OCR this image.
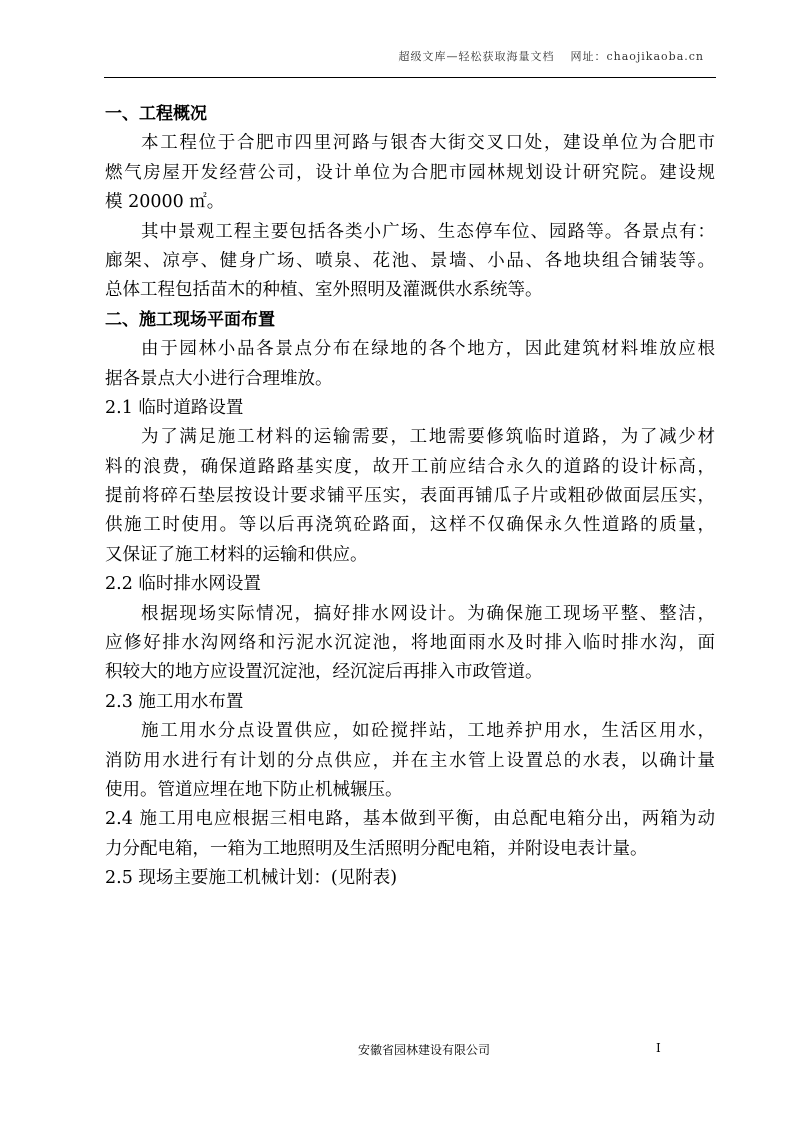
超级文库—轻松获取海量文档 网址：chaojikaoba.cn
一、工程概况
本工程位于合肥市四里河路与银杏大街交叉口处，建设单位为合肥市
燃气房屋开发经营公司，设计单位为合肥市园林规划设计研究院。建设规
模 20000 ㎡。
其中景观工程主要包括各类小广场、生态停车位、园路等。各景点有：
廊架、凉亭、健身广场、喷泉、花池、景墙、小品、各地块组合铺装等。
总体工程包括苗木的种植、室外照明及灌溉供水系统等。
二、施工现场平面布置
由于园林小品各景点分布在绿地的各个地方，因此建筑材料堆放应根
据各景点大小进行合理堆放。
2.1 临时道路设置
为了满足施工材料的运输需要，工地需要修筑临时道路，为了减少材
料的浪费，确保道路路基实度，故开工前应结合永久的道路的设计标高，
提前将碎石垫层按设计要求铺平压实，表面再铺瓜子片或粗砂做面层压实，
供施工时使用。等以后再浇筑砼路面，这样不仅确保永久性道路的质量，
又保证了施工材料的运输和供应。
2.2 临时排水网设置
根据现场实际情况，搞好排水网设计。为确保施工现场平整、整洁，
应修好排水沟网络和污泥水沉淀池，将地面雨水及时排入临时排水沟，面
积较大的地方应设置沉淀池，经沉淀后再排入市政管道。
2.3 施工用水布置
施工用水分点设置供应，如砼搅拌站，工地养护用水，生活区用水，
消防用水进行有计划的分点供应，并在主水管上设置总的水表，以确计量
使用。管道应埋在地下防止机械辗压。
2.4 施工用电应根据三相电路，基本做到平衡，由总配电箱分出，两箱为动
力分配电箱，一箱为工地照明及生活照明分配电箱，并附设电表计量。
2.5 现场主要施工机械计划：(见附表)
安徽省园林建设有限公司	I
